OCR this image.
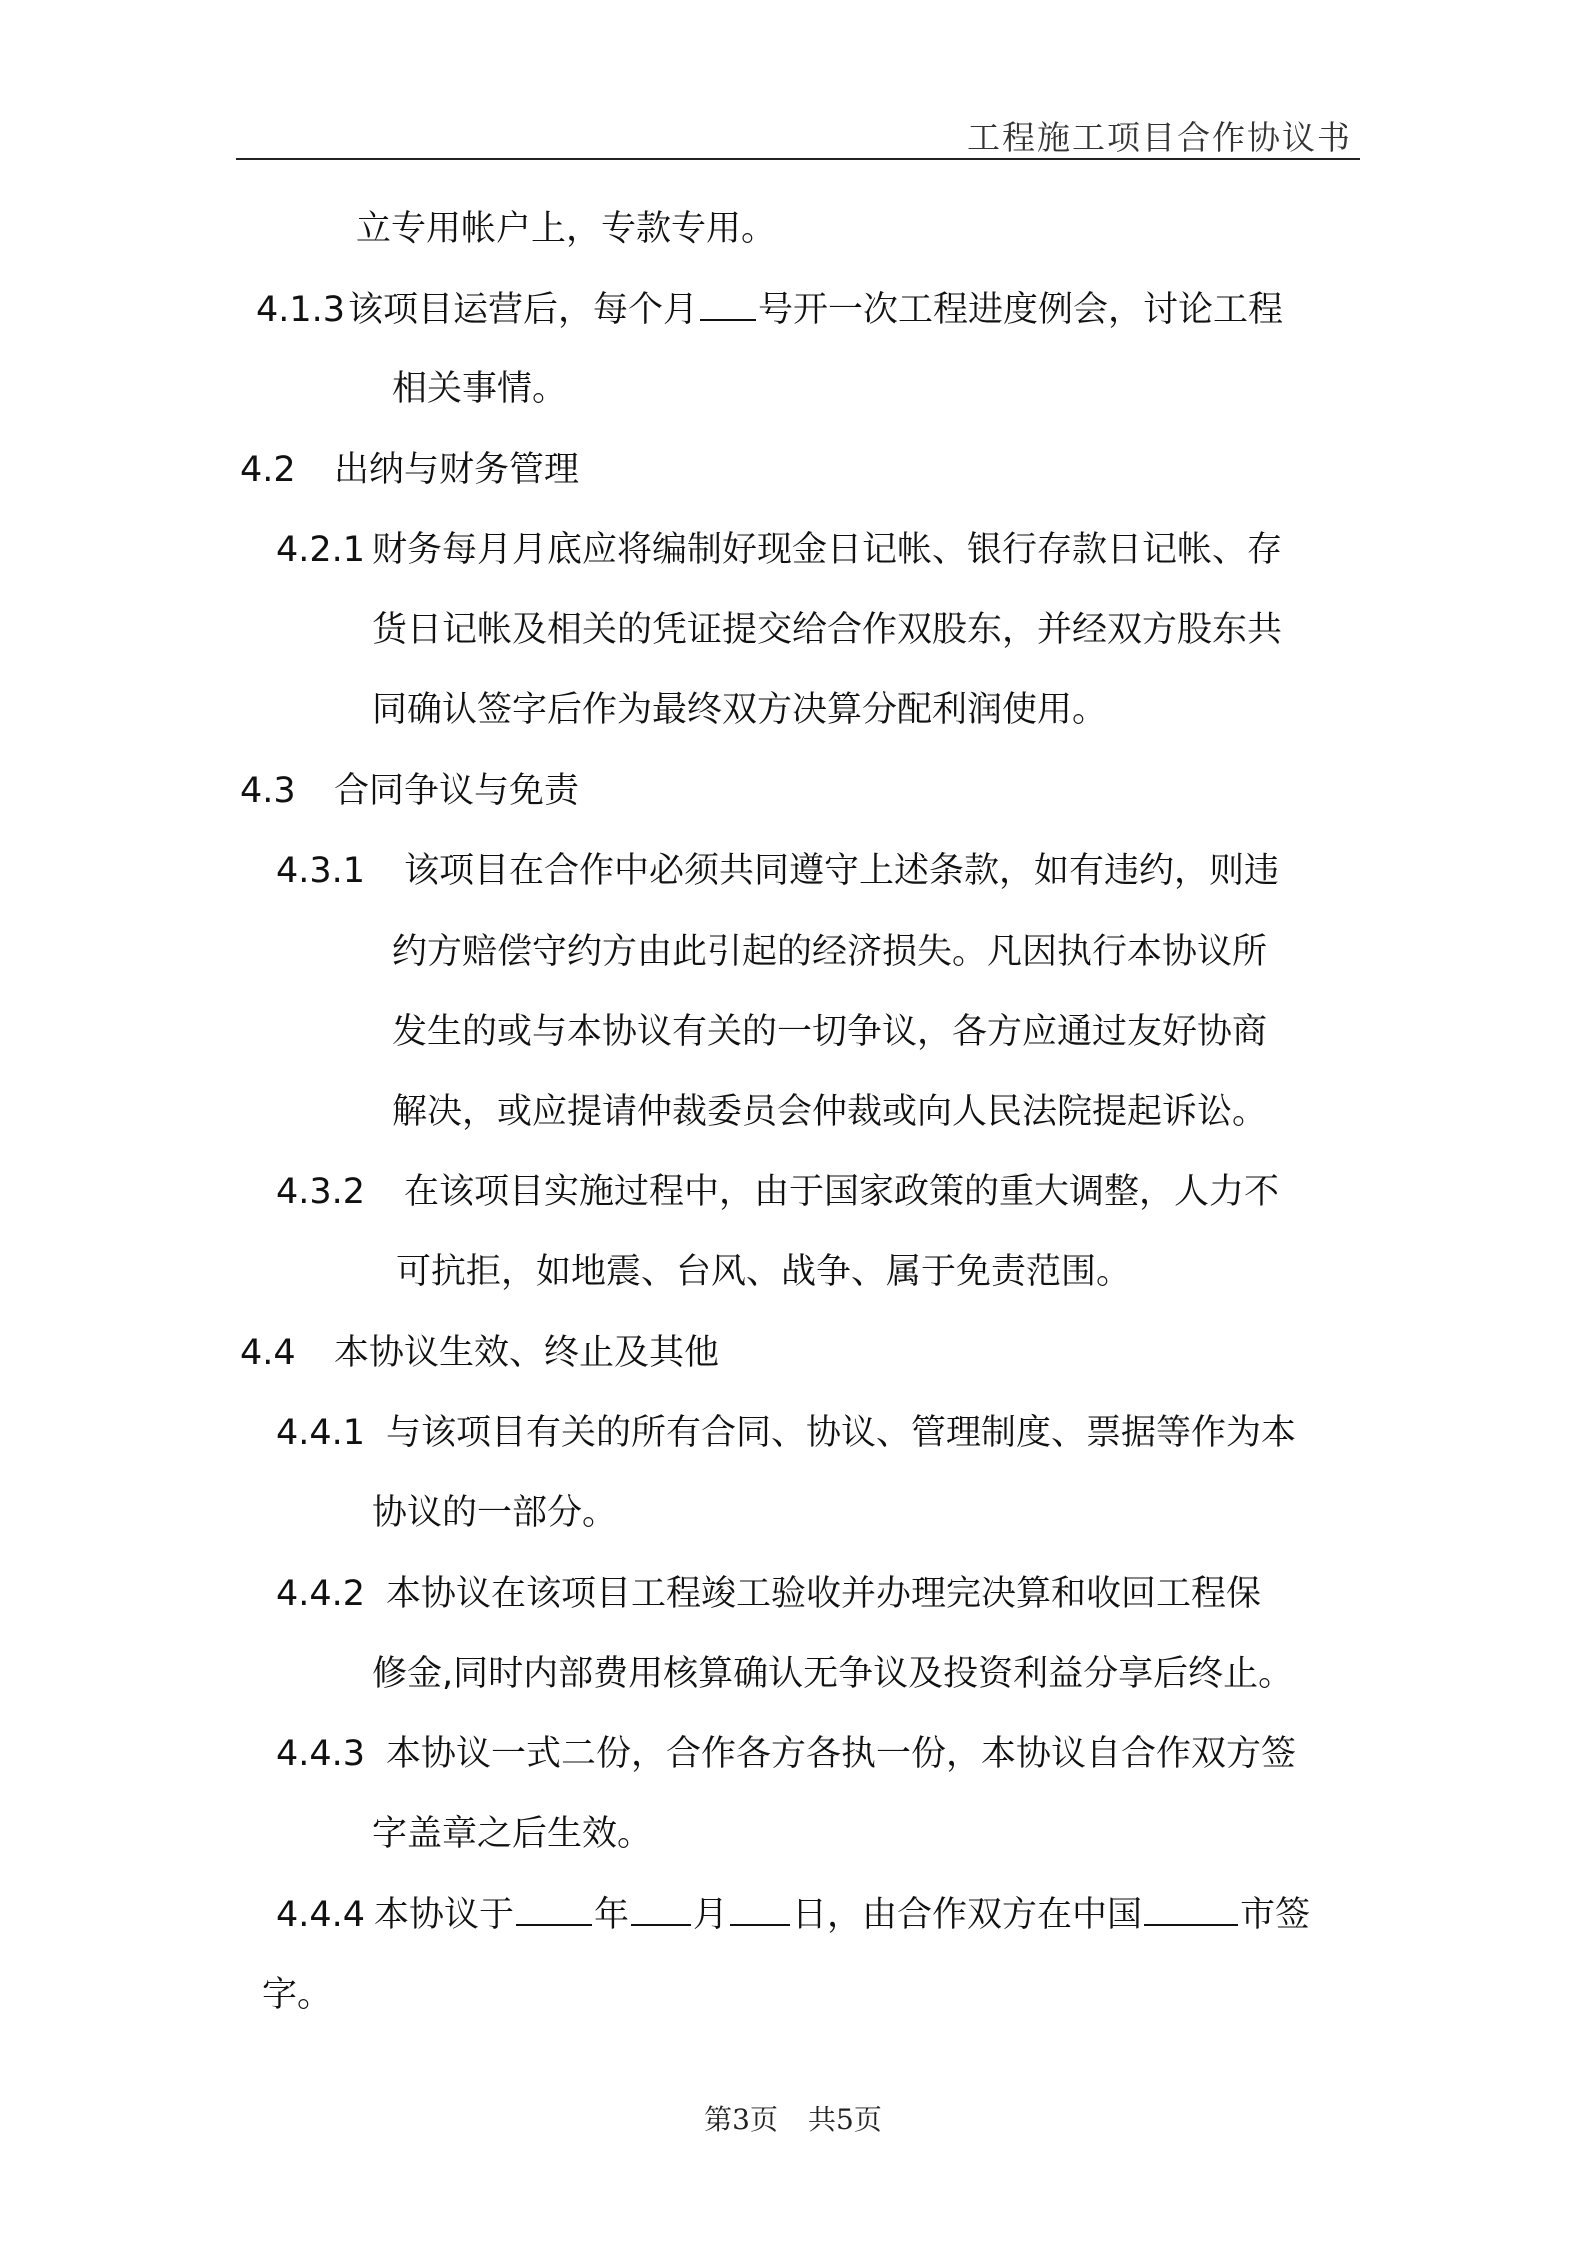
工程施工项目合作协议书
立专用帐户上，专款专用。
4.1.3该项目运营后，每个月 号开一次工程进度例会，讨论工程
相关事情。
4.2 出纳与财务管理
4.2.1 财务每月月底应将编制好现金日记帐、银行存款日记帐、存
货日记帐及相关的凭证提交给合作双股东，并经双方股东共
同确认签字后作为最终双方决算分配利润使用。
4.3 合同争议与免责
4.3.1 该项目在合作中必须共同遵守上述条款，如有违约，则违
约方赔偿守约方由此引起的经济损失。凡因执行本协议所
发生的或与本协议有关的一切争议，各方应通过友好协商
解决，或应提请仲裁委员会仲裁或向人民法院提起诉讼。
4.3.2 在该项目实施过程中，由于国家政策的重大调整，人力不
可抗拒，如地震、台风、战争、属于免责范围。
4.4 本协议生效、终止及其他
4.4.1 与该项目有关的所有合同、协议、管理制度、票据等作为本
协议的一部分。
4.4.2 本协议在该项目工程竣工验收并办理完决算和收回工程保
修金,同时内部费用核算确认无争议及投资利益分享后终止。
4.4.3 本协议一式二份，合作各方各执一份，本协议自合作双方签
字盖章之后生效。
4.4.4 本协议于 年 月 日，由合作双方在中国	市签
字。
第3页 共5页
